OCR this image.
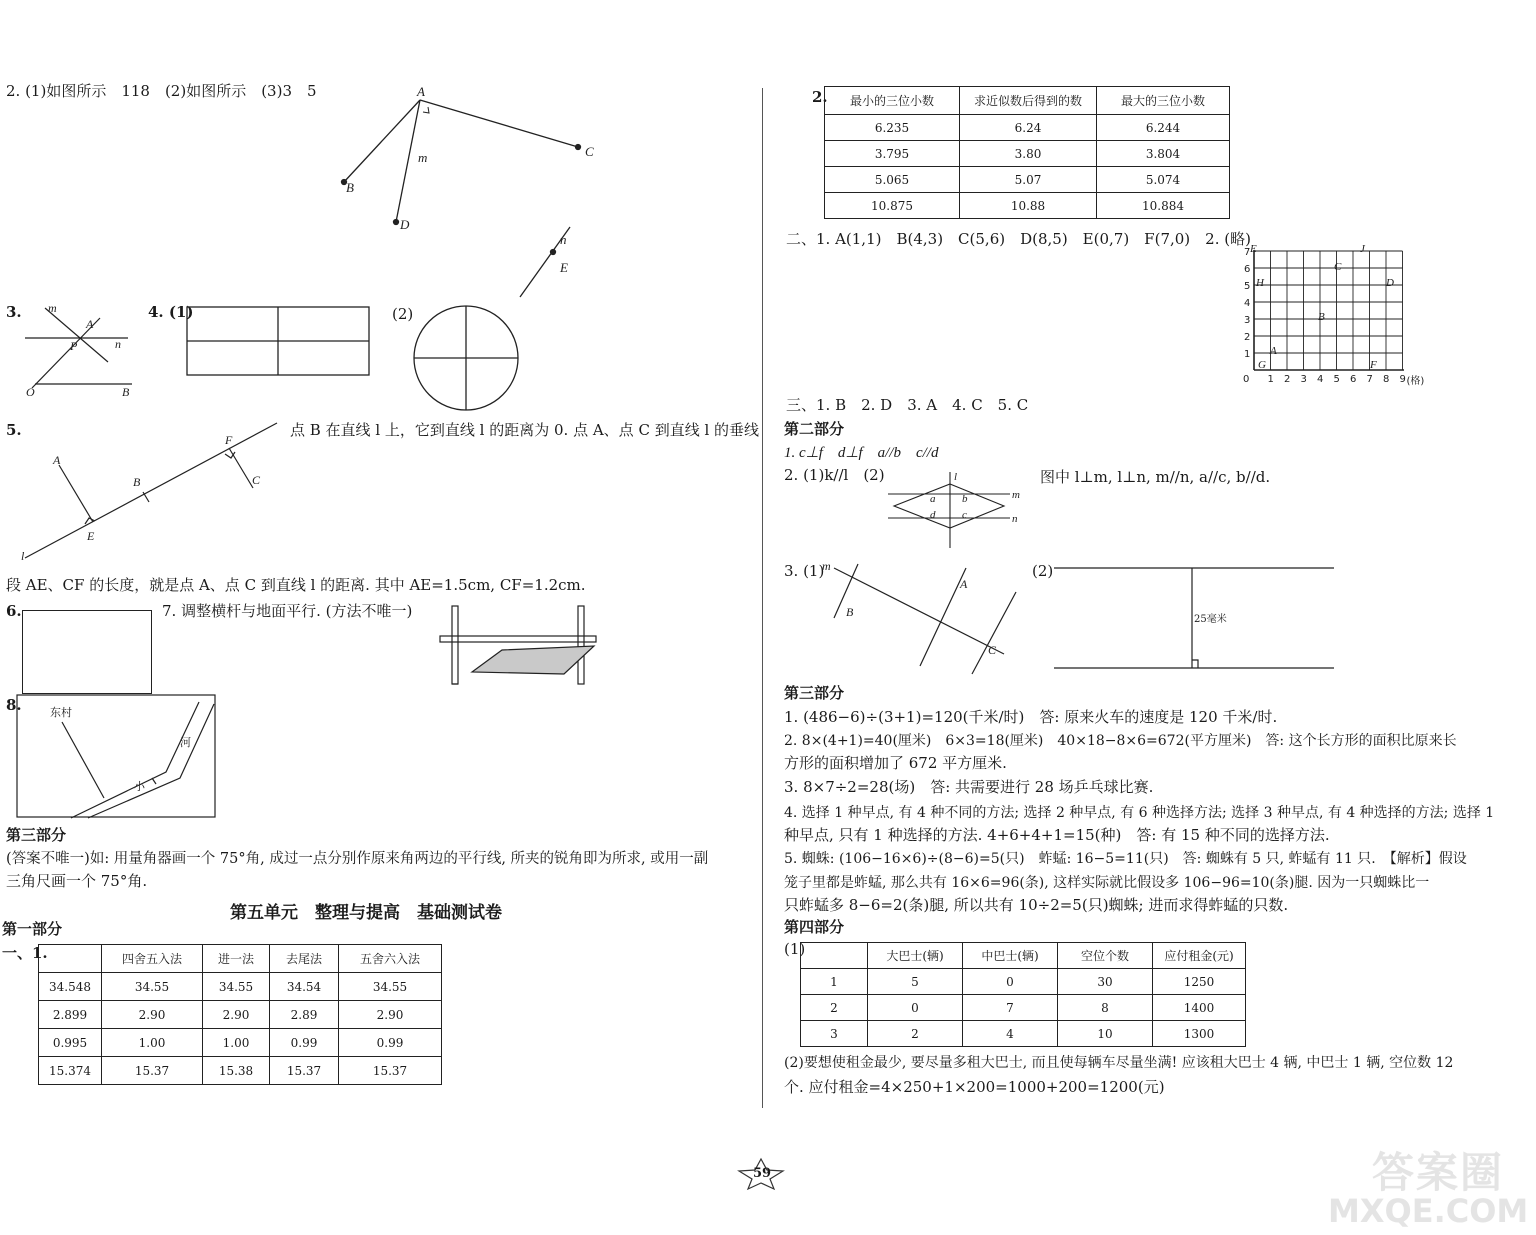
2. (1)如图所示　118　(2)如图所示　(3)3　5	A
m	C
B
D
n
E
3. m
A
P	n
O	B
4. (1)	(2)
5.	点 B 在直线 l 上，它到直线 l 的距离为 0. 点 A、点 C 到直线 l 的垂线
A
F
C
B
E
l
段 AE、CF 的长度，就是点 A、点 C 到直线 l 的距离. 其中 AE=1.5cm, CF=1.2cm.
6.	7. 调整横杆与地面平行. (方法不唯一)
8.	东村
河
小
第三部分
(答案不唯一)如: 用量角器画一个 75°角, 成过一点分别作原来角两边的平行线, 所夹的锐角即为所求, 或用一副
三角尺画一个 75°角.
第五单元　整理与提高　基础测试卷
第一部分
一、1.
		四舍五入法	进一法	去尾法	五舍六入法
34.548	34.55	34.55	34.54	34.55
2.899	2.90	2.90	2.89	2.90
0.995	1.00	1.00	0.99	0.99
15.374	15.37	15.38	15.37	15.37
2. 最小的三位小数	求近似数后得到的数	最大的三位小数
6.235	6.24	6.244
3.795	3.80	3.804
5.065	5.07	5.074
10.875	10.88	10.884
二、1. A(1,1)　B(4,3)　C(5,6)　D(8,5)　E(0,7)　F(7,0)　2. (略)
E	J
C
H	D
B
G
A
F
0 1 2 3 4 5 6 7 8 9
1
2
3
4
5
6
7
(格)
三、1. B　2. D　3. A　4. C　5. C
第二部分
1. c⊥f　d⊥f　a//b　c//d
2. (1)k//l　(2)	l
m
n
a b
d c
图中 l⊥m, l⊥n, m//n, a//c, b//d.
3. (1)
m
A
B
C
(2)
25毫米
第三部分
1. (486−6)÷(3+1)=120(千米/时)　答: 原来火车的速度是 120 千米/时.
2. 8×(4+1)=40(厘米)　6×3=18(厘米)　40×18−8×6=672(平方厘米)　答: 这个长方形的面积比原来长
方形的面积增加了 672 平方厘米.
3. 8×7÷2=28(场)　答: 共需要进行 28 场乒乓球比赛.
4. 选择 1 种早点, 有 4 种不同的方法; 选择 2 种早点, 有 6 种选择方法; 选择 3 种早点, 有 4 种选择的方法; 选择 1
种早点, 只有 1 种选择的方法. 4+6+4+1=15(种)　答: 有 15 种不同的选择方法.
5. 蜘蛛: (106−16×6)÷(8−6)=5(只)　蚱蜢: 16−5=11(只)　答: 蜘蛛有 5 只, 蚱蜢有 11 只.　【解析】假设
笼子里都是蚱蜢, 那么共有 16×6=96(条), 这样实际就比假设多 106−96=10(条)腿. 因为一只蜘蛛比一
只蚱蜢多 8−6=2(条)腿, 所以共有 10÷2=5(只)蜘蛛; 进而求得蚱蜢的只数.
第四部分
(1)
		大巴士(辆)	中巴士(辆)	空位个数	应付租金(元)
1	5	0	30	1250
2	0	7	8	1400
3	2	4	10	1300
(2)要想使租金最少, 要尽量多租大巴士, 而且使每辆车尽量坐满! 应该租大巴士 4 辆, 中巴士 1 辆, 空位数 12
个. 应付租金=4×250+1×200=1000+200=1200(元)
59	答案圈
MXQE.COM
